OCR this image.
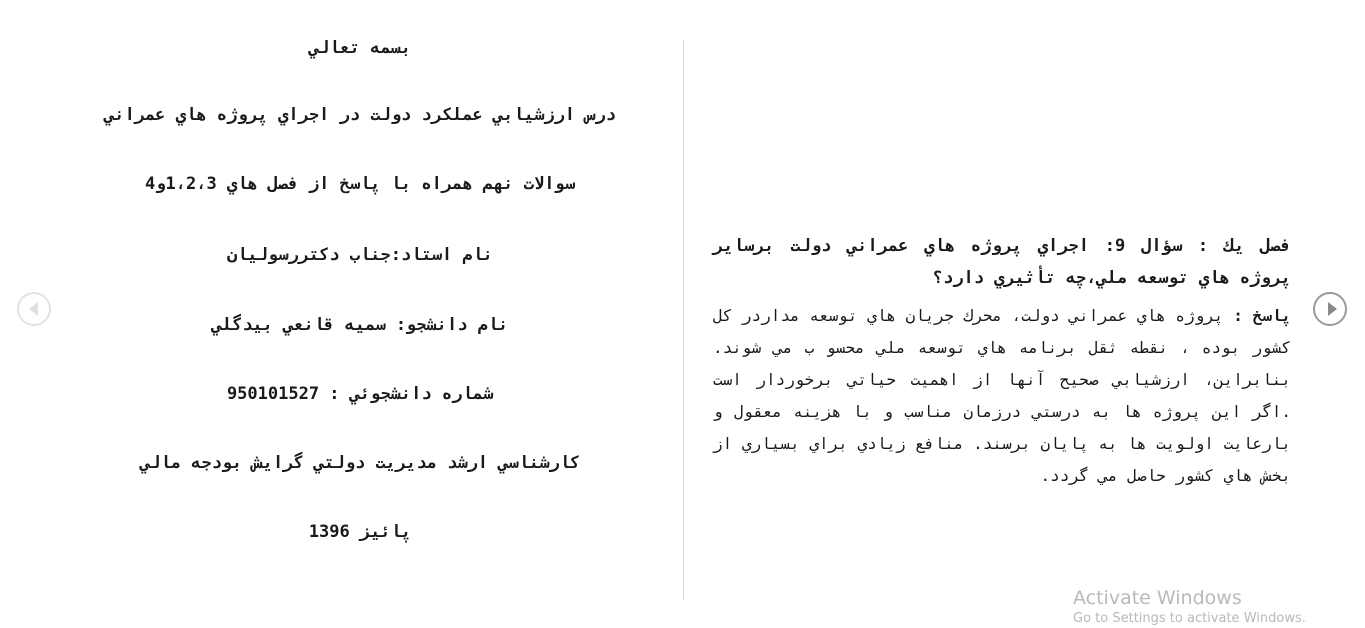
بسمه تعالي
درس ارزشيابي عملكرد دولت در اجراي پروژه هاي عمراني
سوالات نهم همراه با پاسخ از فصل هاي 1،2،3و4
نام استاد:جناب دكتررسوليان
نام دانشجو: سميه قانعي بيدگلي
شماره دانشجوئي : 950101527
كارشناسي ارشد مديريت دولتي گرايش بودجه مالي
پائيز 1396

فصل يك : سؤال 9: اجراي پروژه هاي عمراني دولت برساير پروژه هاي توسعه ملي،چه تأثيري دارد؟

پاسخ : پروژه هاي عمراني دولت، محرك جريان هاي توسعه مداردر كل كشور بوده ، نقطه ثقل برنامه هاي توسعه ملي محسو ب مي شوند. بنابراين، ارزشيابي صحيح آنها از اهميت حياتي برخوردار است .اگر اين پروژه ها به درستي درزمان مناسب و با هزينه معقول و بارعايت اولويت ها به پايان برسند. منافع زيادي براي بسياري از بخش هاي كشور حاصل مي گردد.

Activate Windows
Go to Settings to activate Windows.
